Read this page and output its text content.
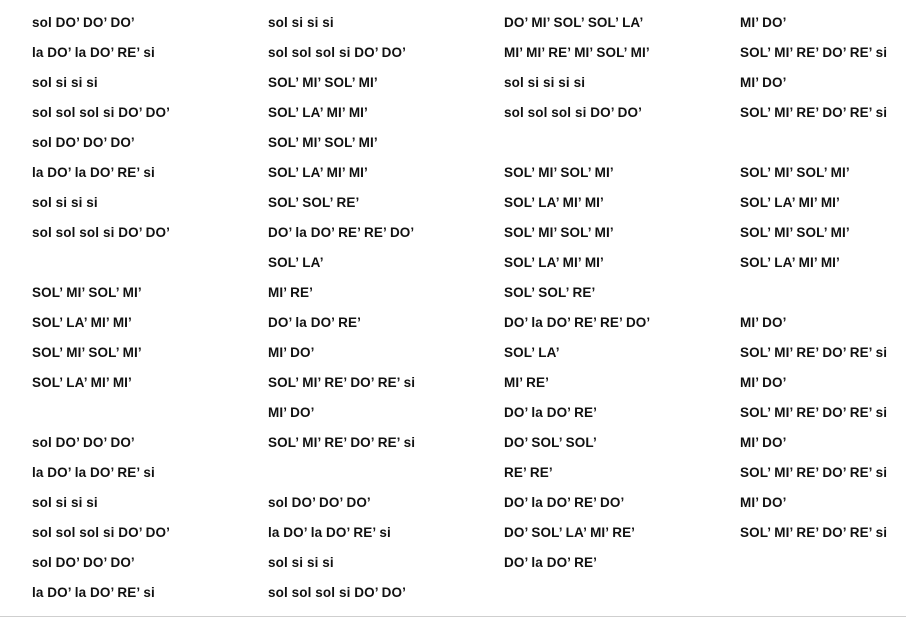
sol DO’ DO’ DO’
la DO’ la DO’ RE’ si
sol si si si
sol sol sol si DO’ DO’
sol DO’ DO’ DO’
la DO’ la DO’ RE’ si
sol si si si
sol sol sol si DO’ DO’
SOL’ MI’ SOL’ MI’
SOL’ LA’ MI’ MI’
SOL’ MI’ SOL’ MI’
SOL’ LA’ MI’ MI’
sol DO’ DO’ DO’
la DO’ la DO’ RE’ si
sol si si si
sol sol sol si DO’ DO’
sol DO’ DO’ DO’
la DO’ la DO’ RE’ si
sol si si si
sol sol sol si DO’ DO’
SOL’ MI’ SOL’ MI’
SOL’ LA’ MI’ MI’
SOL’ MI’ SOL’ MI’
SOL’ LA’ MI’ MI’
SOL’ SOL’ RE’
DO’ la DO’ RE’ RE’ DO’
SOL’ LA’
MI’ RE’
DO’ la DO’ RE’
MI’ DO’
SOL’ MI’ RE’ DO’ RE’ si
MI’ DO’
SOL’ MI’ RE’ DO’ RE’ si
sol DO’ DO’ DO’
la DO’ la DO’ RE’ si
sol si si si
sol sol sol si DO’ DO’
DO’ MI’ SOL’ SOL’ LA’
MI’ MI’ RE’ MI’ SOL’ MI’
sol si si si si
sol sol sol si DO’ DO’
SOL’ MI’ SOL’ MI’
SOL’ LA’ MI’ MI’
SOL’ MI’ SOL’ MI’
SOL’ LA’ MI’ MI’
SOL’ SOL’ RE’
DO’ la DO’ RE’ RE’ DO’
SOL’ LA’
MI’ RE’
DO’ la DO’ RE’
DO’ SOL’ SOL’
RE’ RE’
DO’ la DO’ RE’ DO’
DO’ SOL’ LA’ MI’ RE’
DO’ la DO’ RE’
MI’ DO’
SOL’ MI’ RE’ DO’ RE’ si
MI’ DO’
SOL’ MI’ RE’ DO’ RE’ si
SOL’ MI’ SOL’ MI’
SOL’ LA’ MI’ MI’
SOL’ MI’ SOL’ MI’
SOL’ LA’ MI’ MI’
MI’ DO’
SOL’ MI’ RE’ DO’ RE’ si
MI’ DO’
SOL’ MI’ RE’ DO’ RE’ si
MI’ DO’
SOL’ MI’ RE’ DO’ RE’ si
MI’ DO’
SOL’ MI’ RE’ DO’ RE’ si
